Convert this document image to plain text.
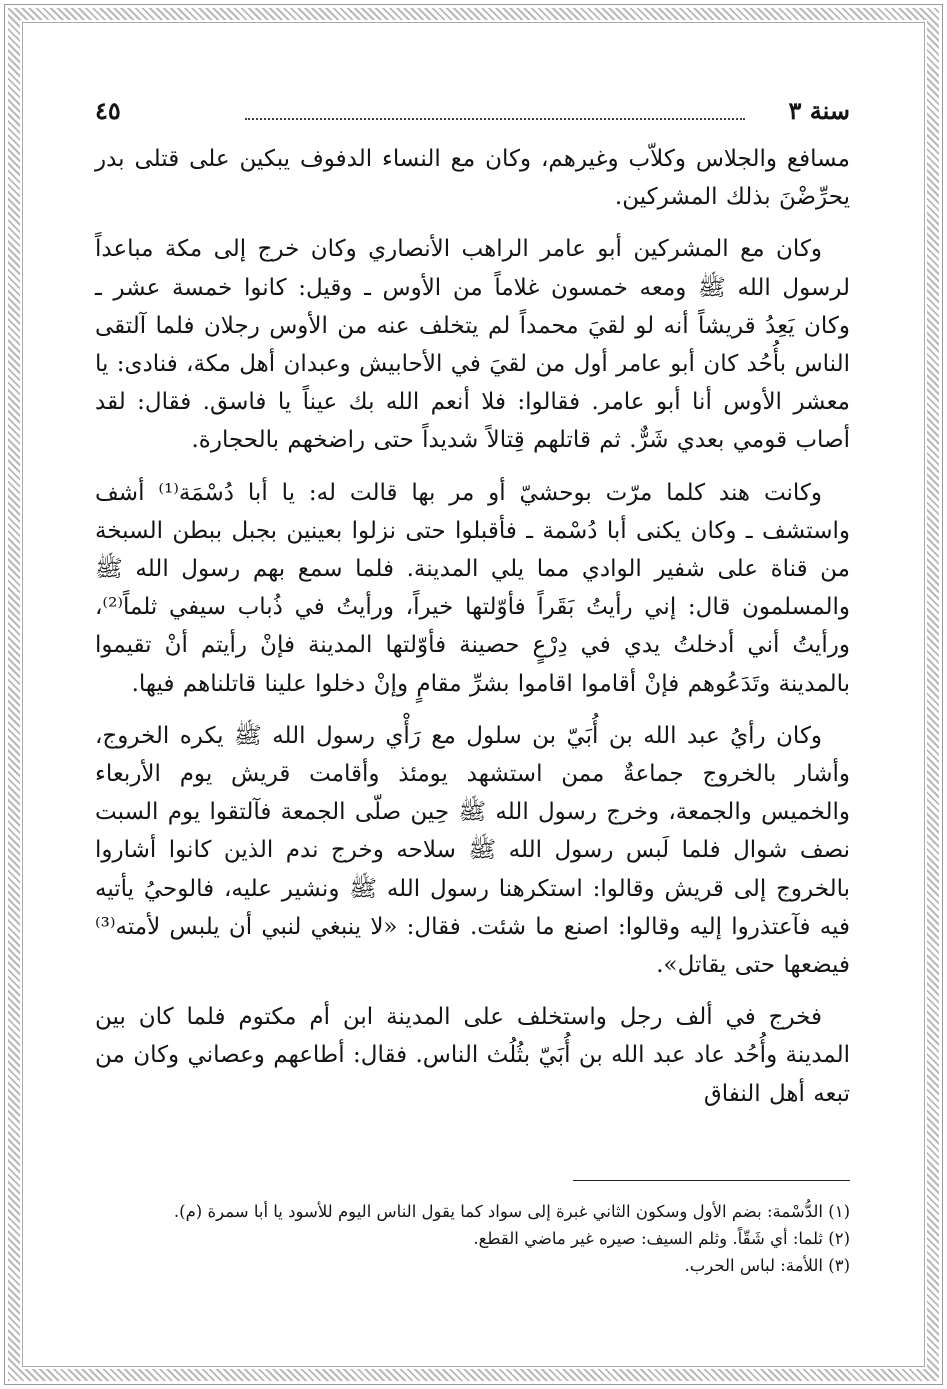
سنة ٣
٤٥

مسافع والجلاس وكلاّب وغيرهم، وكان مع النساء الدفوف يبكين على قتلى بدر يحرِّضْنَ بذلك المشركين.

وكان مع المشركين أبو عامر الراهب الأنصاري وكان خرج إلى مكة مباعداً لرسول الله ﷺ ومعه خمسون غلاماً من الأوس ـ وقيل: كانوا خمسة عشر ـ وكان يَعِدُ قريشاً أنه لو لقيَ محمداً لم يتخلف عنه من الأوس رجلان فلما آلتقى الناس بأُحُد كان أبو عامر أول من لقيَ في الأحابيش وعبدان أهل مكة، فنادى: يا معشر الأوس أنا أبو عامر. فقالوا: فلا أنعم الله بك عيناً يا فاسق. فقال: لقد أصاب قومي بعدي شَرٌّ. ثم قاتلهم قِتالاً شديداً حتى راضخهم بالحجارة.

وكانت هند كلما مرّت بوحشيّ أو مر بها قالت له: يا أبا دُسْمَة⁽¹⁾ أشف واستشف ـ وكان يكنى أبا دُسْمة ـ فأقبلوا حتى نزلوا بعينين بجبل ببطن السبخة من قناة على شفير الوادي مما يلي المدينة. فلما سمع بهم رسول الله ﷺ والمسلمون قال: إني رأيتُ بَقَراً فأوّلتها خيراً، ورأيتُ في ذُباب سيفي ثلماً⁽²⁾، ورأيتُ أني أدخلتُ يدي في دِرْعٍ حصينة فأوّلتها المدينة فإنْ رأيتم أنْ تقيموا بالمدينة وتَدَعُوهم فإنْ أقاموا اقاموا بشرِّ مقامٍ وإنْ دخلوا علينا قاتلناهم فيها.

وكان رأيُ عبد الله بن أُبَيّ بن سلول مع رَأْي رسول الله ﷺ يكره الخروج، وأشار بالخروج جماعةٌ ممن استشهد يومئذ وأقامت قريش يوم الأربعاء والخميس والجمعة، وخرج رسول الله ﷺ حِين صلّى الجمعة فآلتقوا يوم السبت نصف شوال فلما لَبس رسول الله ﷺ سلاحه وخرج ندم الذين كانوا أشاروا بالخروج إلى قريش وقالوا: استكرهنا رسول الله ﷺ ونشير عليه، فالوحيُ يأتيه فيه فآعتذروا إليه وقالوا: اصنع ما شئت. فقال: «لا ينبغي لنبي أن يلبس لأمته⁽³⁾ فيضعها حتى يقاتل».

فخرج في ألف رجل واستخلف على المدينة ابن أم مكتوم فلما كان بين المدينة وأُحُد عاد عبد الله بن أُبَيّ بثُلُث الناس. فقال: أطاعهم وعصاني وكان من تبعه أهل النفاق

(١) الدُّسْمة: بضم الأول وسكون الثاني غبرة إلى سواد كما يقول الناس اليوم للأسود يا أبا سمرة (م).

(٢) ثلما: أي شَقّاً. وثلم السيف: صيره غير ماضي القطع.

(٣) اللأمة: لباس الحرب.
